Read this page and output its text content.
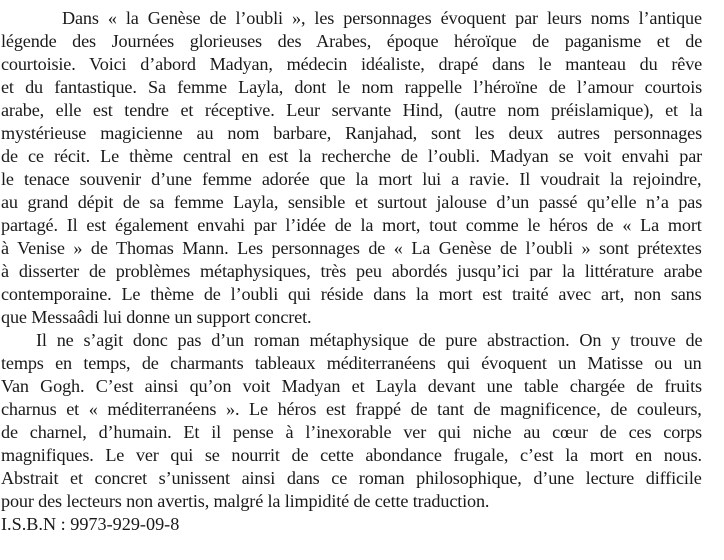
Dans « la Genèse de l’oubli », les personnages évoquent par leurs noms l’antique
légende des Journées glorieuses des Arabes, époque héroïque de paganisme et de
courtoisie. Voici d’abord Madyan, médecin idéaliste, drapé dans le manteau du rêve
et du fantastique. Sa femme Layla, dont le nom rappelle l’héroïne de l’amour courtois
arabe, elle est tendre et réceptive. Leur servante Hind, (autre nom préislamique), et la
mystérieuse magicienne au nom barbare, Ranjahad, sont les deux autres personnages
de ce récit. Le thème central en est la recherche de l’oubli. Madyan se voit envahi par
le tenace souvenir d’une femme adorée que la mort lui a ravie. Il voudrait la rejoindre,
au grand dépit de sa femme Layla, sensible et surtout jalouse d’un passé qu’elle n’a pas
partagé. Il est également envahi par l’idée de la mort, tout comme le héros de « La mort
à Venise » de Thomas Mann. Les personnages de « La Genèse de l’oubli » sont prétextes
à disserter de problèmes métaphysiques, très peu abordés jusqu’ici par la littérature arabe
contemporaine. Le thème de l’oubli qui réside dans la mort est traité avec art, non sans
que Messaâdi lui donne un support concret.
Il ne s’agit donc pas d’un roman métaphysique de pure abstraction. On y trouve de
temps en temps, de charmants tableaux méditerranéens qui évoquent un Matisse ou un
Van Gogh. C’est ainsi qu’on voit Madyan et Layla devant une table chargée de fruits
charnus et « méditerranéens ». Le héros est frappé de tant de magnificence, de couleurs,
de charnel, d’humain. Et il pense à l’inexorable ver qui niche au cœur de ces corps
magnifiques. Le ver qui se nourrit de cette abondance frugale, c’est la mort en nous.
Abstrait et concret s’unissent ainsi dans ce roman philosophique, d’une lecture difficile
pour des lecteurs non avertis, malgré la limpidité de cette traduction.
I.S.B.N : 9973-929-09-8
